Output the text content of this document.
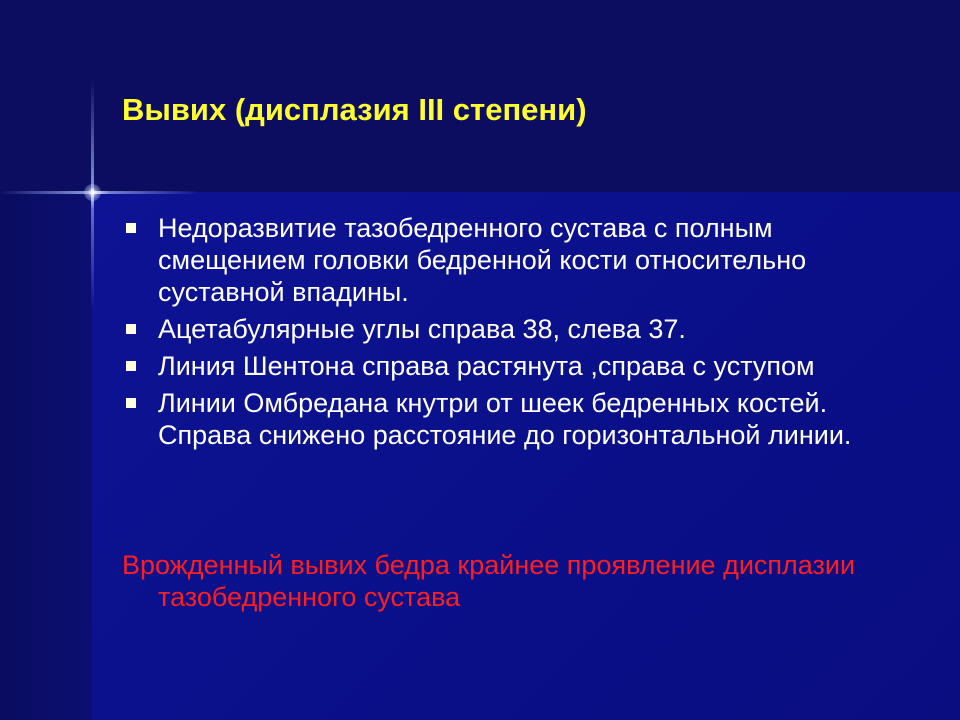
Вывих (дисплазия III степени)
Недоразвитие тазобедренного сустава с полным смещением головки бедренной кости относительно суставной впадины.
Ацетабулярные углы справа 38, слева 37.
Линия Шентона справа растянута ,справа с уступом
Линии Омбредана кнутри от шеек бедренных костей. Справа снижено расстояние до горизонтальной линии.

Врожденный вывих бедра крайнее проявление дисплазии тазобедренного сустава
